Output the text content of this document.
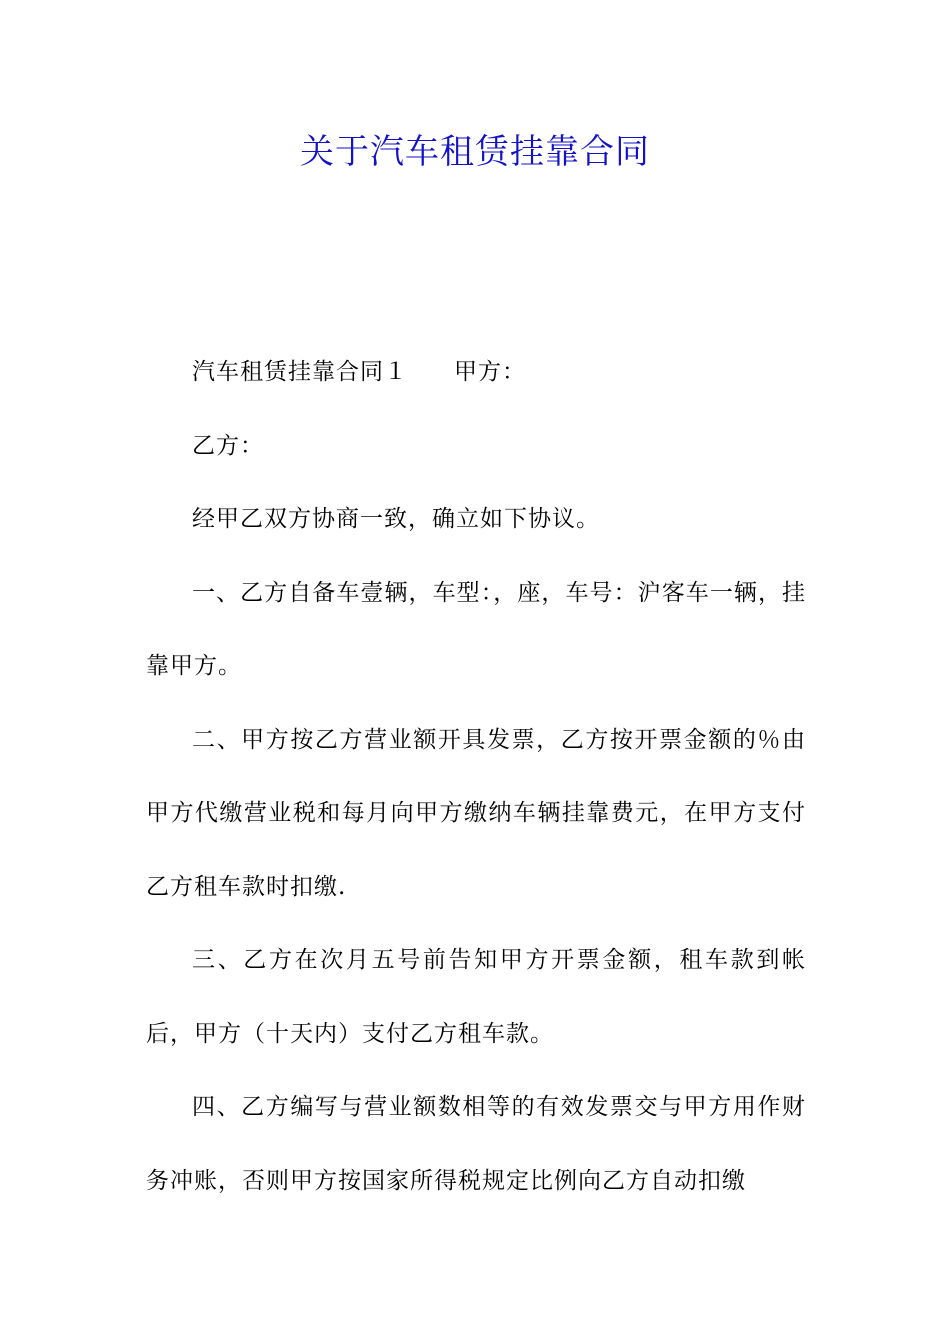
关于汽车租赁挂靠合同

汽车租赁挂靠合同１ 甲方：

乙方：

经甲乙双方协商一致，确立如下协议。

一、乙方自备车壹辆，车型：，座，车号：沪客车一辆，挂靠甲方。

二、甲方按乙方营业额开具发票，乙方按开票金额的％由甲方代缴营业税和每月向甲方缴纳车辆挂靠费元，在甲方支付乙方租车款时扣缴.

三、乙方在次月五号前告知甲方开票金额，租车款到帐后，甲方（十天内）支付乙方租车款。

四、乙方编写与营业额数相等的有效发票交与甲方用作财务冲账，否则甲方按国家所得税规定比例向乙方自动扣缴
